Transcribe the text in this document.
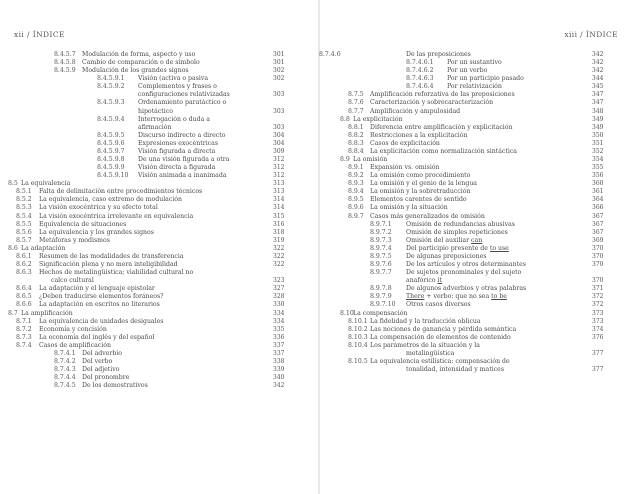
xii / ÍNDICE
8.4.5.7 Modulación de forma, aspecto y uso	301
8.4.5.8 Cambio de comparación o de símbolo	301
8.4.5.9 Modulación de los grandes signos	302
8.4.5.9.1 Visión (activa o pasiva	302
8.4.5.9.2 Complementos y frases o
configuraciones relativizadas	303
8.4.5.9.3 Ordenamiento paratáctico o
hipotáctico	303
8.4.5.9.4 Interrogación o duda a
afirmación	303
8.4.5.9.5 Discurso indirecto a directo	304
8.4.5.9.6 Expresiones exocéntricas	304
8.4.5.9.7 Visión figurada a directa	309
8.4.5.9.8 De una visión figurada a otra	312
8.4.5.9.9 Visión directa a figurada	312
8.4.5.9.10 Visión animada a inanimada	312
8.5 La equivalencia	313
8.5.1 Falta de delimitación entre procedimientos técnicos	313
8.5.2 La equivalencia, caso extremo de modulación	314
8.5.3 La visión exocéntrica y su efecto total	314
8.5.4 La visión exocéntrica irrelevante en equivalencia	315
8.5.5 Equivalencia de situaciones	316
8.5.6 La equivalencia y los grandes signos	318
8.5.7 Metáforas y modismos	319
8.6 La adaptación	322
8.6.1 Resumen de las modalidades de transferencia	322
8.6.2 Significación plena y no mera inteligibilidad	322
8.6.3 Hechos de metalingüística; viabilidad cultural no
calco cultural	323
8.6.4 La adaptación y el lenguaje epistolar	327
8.6.5 ¿Deben traducirse elementos foráneos?	328
8.6.6 La adaptación en escritos no literarios	330
8.7 La amplificación	334
8.7.1 La equivalencia de unidades desiguales	334
8.7.2 Economía y concisión	335
8.7.3 La economía del inglés y del español	336
8.7.4 Casos de amplificación	337
8.7.4.1 Del adverbio	337
8.7.4.2 Del verbo	338
8.7.4.3 Del adjetivo	339
8.7.4.4 Del pronombre	340
8.7.4.5 De los demostrativos	342
xiii / ÍNDICE
8.7.4.6	De las preposiciones	342
8.7.4.6.1 Por un sustantivo	342
8.7.4.6.2 Por un verbo	342
8.7.4.6.3 Por un participio pasado	344
8.7.4.6.4 Por relativización	345
8.7.5 Amplificación reforzativa de las preposiciones	347
8.7.6 Caracterización y sobrecaracterización	347
8.7.7 Amplificación y ampulosidad	348
8.8 La explicitación	349
8.8.1 Diferencia entre amplificación y explicitación	349
8.8.2 Restricciones a la explicitación	350
8.8.3 Casos de explicitación	351
8.8.4 La explicitación como normalización sintáctica	352
8.9 La omisión	354
8.9.1 Expansión vs. omisión	355
8.9.2 La omisión como procedimiento	356
8.9.3 La omisión y el genio de la lengua	360
8.9.4 La omisión y la sobretraducción	361
8.9.5 Elementos carentes de sentido	364
8.9.6 La omisión y la situación	366
8.9.7 Casos más generalizados de omisión	367
8.9.7.1 Omisión de redundancias abusivas	367
8.9.7.2 Omisión de simples repeticiones	367
8.9.7.3 Omisión del auxiliar can	369
8.9.7.4 Del participio presente de to use	370
8.9.7.5 De algunas preposiciones	370
8.9.7.6 De los artículos y otros determinantes	370
8.9.7.7 De sujetos pronominales y del sujeto
anafórico it	370
8.9.7.8 De algunos adverbios y otras palabras	371
8.9.7.9 There + verbo: que no sea to be	372
8.9.7.10 Otros casos diversos	372
8.10 La compensación	373
8.10.1 La fidelidad y la traducción oblicua	373
8.10.2 Las nociones de ganancia y pérdida semántica	374
8.10.3 La compensación de elementos de contenido	376
8.10.4 Los parámetros de la situación y la
metalingüística	377
8.10.5 La equivalencia estilística: compensación de
tonalidad, intensidad y matices	377
